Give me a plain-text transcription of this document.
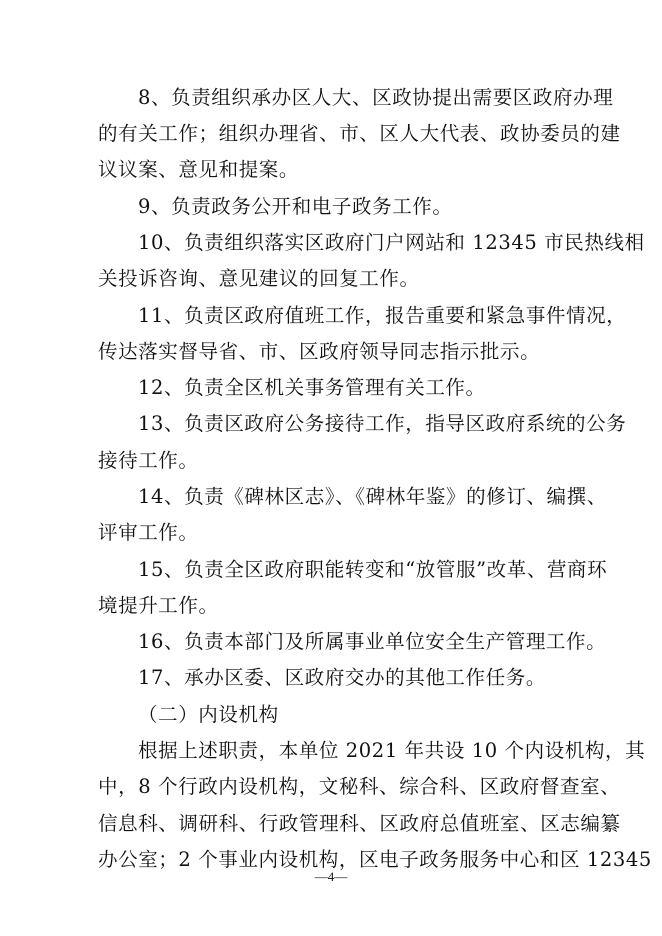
8、负责组织承办区人大、区政协提出需要区政府办理
的有关工作；组织办理省、市、区人大代表、政协委员的建
议议案、意见和提案。
9、负责政务公开和电子政务工作。
10、负责组织落实区政府门户网站和 12345 市民热线相
关投诉咨询、意见建议的回复工作。
11、负责区政府值班工作，报告重要和紧急事件情况，
传达落实督导省、市、区政府领导同志指示批示。
12、负责全区机关事务管理有关工作。
13、负责区政府公务接待工作，指导区政府系统的公务
接待工作。
14、负责《碑林区志》、《碑林年鉴》的修订、编撰、
评审工作。
15、负责全区政府职能转变和“放管服”改革、营商环
境提升工作。
16、负责本部门及所属事业单位安全生产管理工作。
17、承办区委、区政府交办的其他工作任务。
（二）内设机构
根据上述职责，本单位 2021 年共设 10 个内设机构，其
中，8 个行政内设机构，文秘科、综合科、区政府督查室、
信息科、调研科、行政管理科、区政府总值班室、区志编纂
办公室；2 个事业内设机构，区电子政务服务中心和区 12345
—4—
